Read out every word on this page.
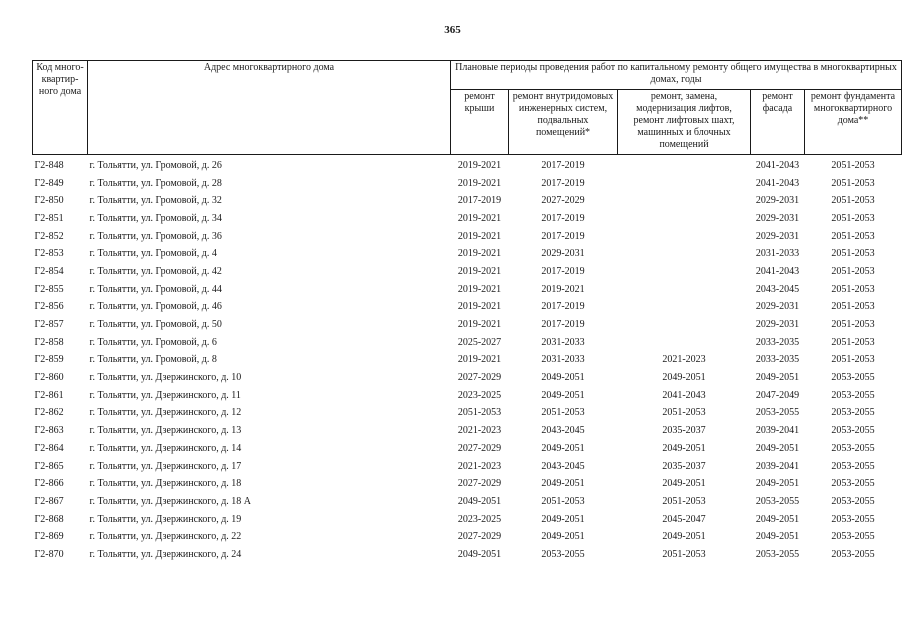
365
Код много-квартир-ного дома	Адрес многоквартирного дома	Плановые периоды проведения работ по капитальному ремонту общего имущества в многоквартирных домах, годы				
		ремонт крыши	ремонт внутридомовых инженерных систем, подвальных помещений*	ремонт, замена, модернизация лифтов, ремонт лифтовых шахт, машинных и блочных помещений	ремонт фасада	ремонт фундамента многоквартирного дома**
Г2-848	г. Тольятти, ул. Громовой, д. 26	2019-2021	2017-2019		2041-2043	2051-2053
Г2-849	г. Тольятти, ул. Громовой, д. 28	2019-2021	2017-2019		2041-2043	2051-2053
Г2-850	г. Тольятти, ул. Громовой, д. 32	2017-2019	2027-2029		2029-2031	2051-2053
Г2-851	г. Тольятти, ул. Громовой, д. 34	2019-2021	2017-2019		2029-2031	2051-2053
Г2-852	г. Тольятти, ул. Громовой, д. 36	2019-2021	2017-2019		2029-2031	2051-2053
Г2-853	г. Тольятти, ул. Громовой, д. 4	2019-2021	2029-2031		2031-2033	2051-2053
Г2-854	г. Тольятти, ул. Громовой, д. 42	2019-2021	2017-2019		2041-2043	2051-2053
Г2-855	г. Тольятти, ул. Громовой, д. 44	2019-2021	2019-2021		2043-2045	2051-2053
Г2-856	г. Тольятти, ул. Громовой, д. 46	2019-2021	2017-2019		2029-2031	2051-2053
Г2-857	г. Тольятти, ул. Громовой, д. 50	2019-2021	2017-2019		2029-2031	2051-2053
Г2-858	г. Тольятти, ул. Громовой, д. 6	2025-2027	2031-2033		2033-2035	2051-2053
Г2-859	г. Тольятти, ул. Громовой, д. 8	2019-2021	2031-2033	2021-2023	2033-2035	2051-2053
Г2-860	г. Тольятти, ул. Дзержинского, д. 10	2027-2029	2049-2051	2049-2051	2049-2051	2053-2055
Г2-861	г. Тольятти, ул. Дзержинского, д. 11	2023-2025	2049-2051	2041-2043	2047-2049	2053-2055
Г2-862	г. Тольятти, ул. Дзержинского, д. 12	2051-2053	2051-2053	2051-2053	2053-2055	2053-2055
Г2-863	г. Тольятти, ул. Дзержинского, д. 13	2021-2023	2043-2045	2035-2037	2039-2041	2053-2055
Г2-864	г. Тольятти, ул. Дзержинского, д. 14	2027-2029	2049-2051	2049-2051	2049-2051	2053-2055
Г2-865	г. Тольятти, ул. Дзержинского, д. 17	2021-2023	2043-2045	2035-2037	2039-2041	2053-2055
Г2-866	г. Тольятти, ул. Дзержинского, д. 18	2027-2029	2049-2051	2049-2051	2049-2051	2053-2055
Г2-867	г. Тольятти, ул. Дзержинского, д. 18 А	2049-2051	2051-2053	2051-2053	2053-2055	2053-2055
Г2-868	г. Тольятти, ул. Дзержинского, д. 19	2023-2025	2049-2051	2045-2047	2049-2051	2053-2055
Г2-869	г. Тольятти, ул. Дзержинского, д. 22	2027-2029	2049-2051	2049-2051	2049-2051	2053-2055
Г2-870	г. Тольятти, ул. Дзержинского, д. 24	2049-2051	2053-2055	2051-2053	2053-2055	2053-2055
